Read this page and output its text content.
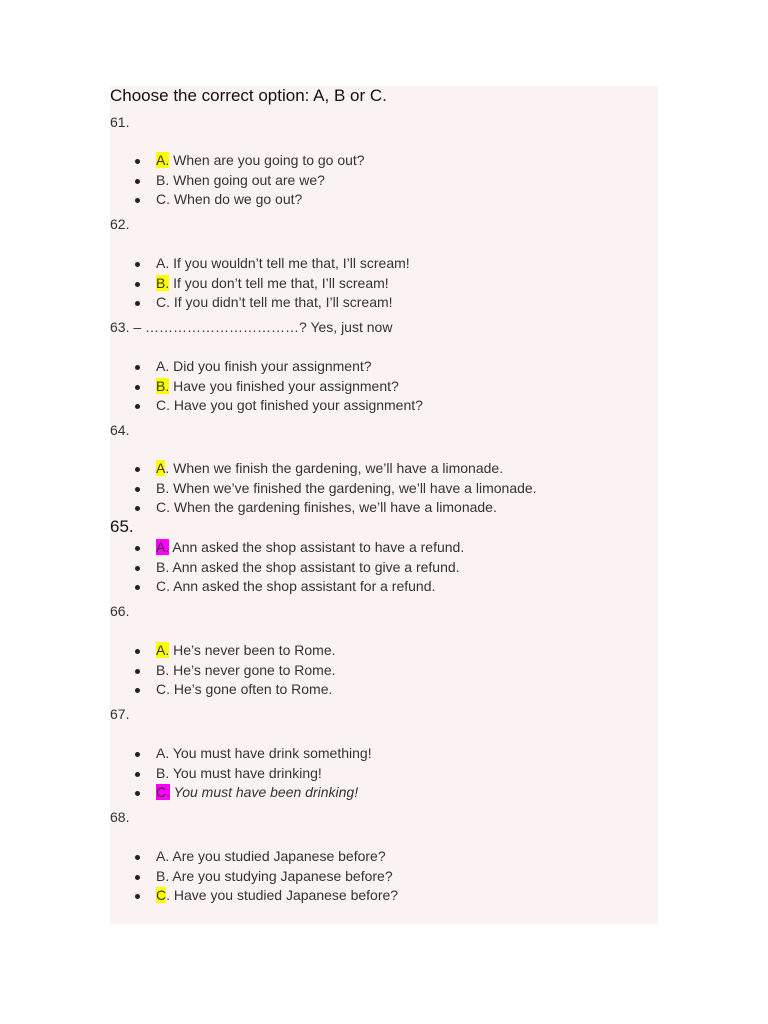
Choose the correct option: A, B or C.
61.
A. When are you going to go out?
B. When going out are we?
C. When do we go out?
62.
A. If you wouldn’t tell me that, I’ll scream!
B. If you don’t tell me that, I’ll scream!
C. If you didn’t tell me that, I’ll scream!
63. – ……………………………? Yes, just now
A. Did you finish your assignment?
B. Have you finished your assignment?
C. Have you got finished your assignment?
64.
A. When we finish the gardening, we’ll have a limonade.
B. When we’ve finished the gardening, we’ll have a limonade.
C. When the gardening finishes, we’ll have a limonade.
65.
A. Ann asked the shop assistant to have a refund.
B. Ann asked the shop assistant to give a refund.
C. Ann asked the shop assistant for a refund.
66.
A. He’s never been to Rome.
B. He’s never gone to Rome.
C. He’s gone often to Rome.
67.
A. You must have drink something!
B. You must have drinking!
C. You must have been drinking!
68.
A. Are you studied Japanese before?
B. Are you studying Japanese before?
C. Have you studied Japanese before?
